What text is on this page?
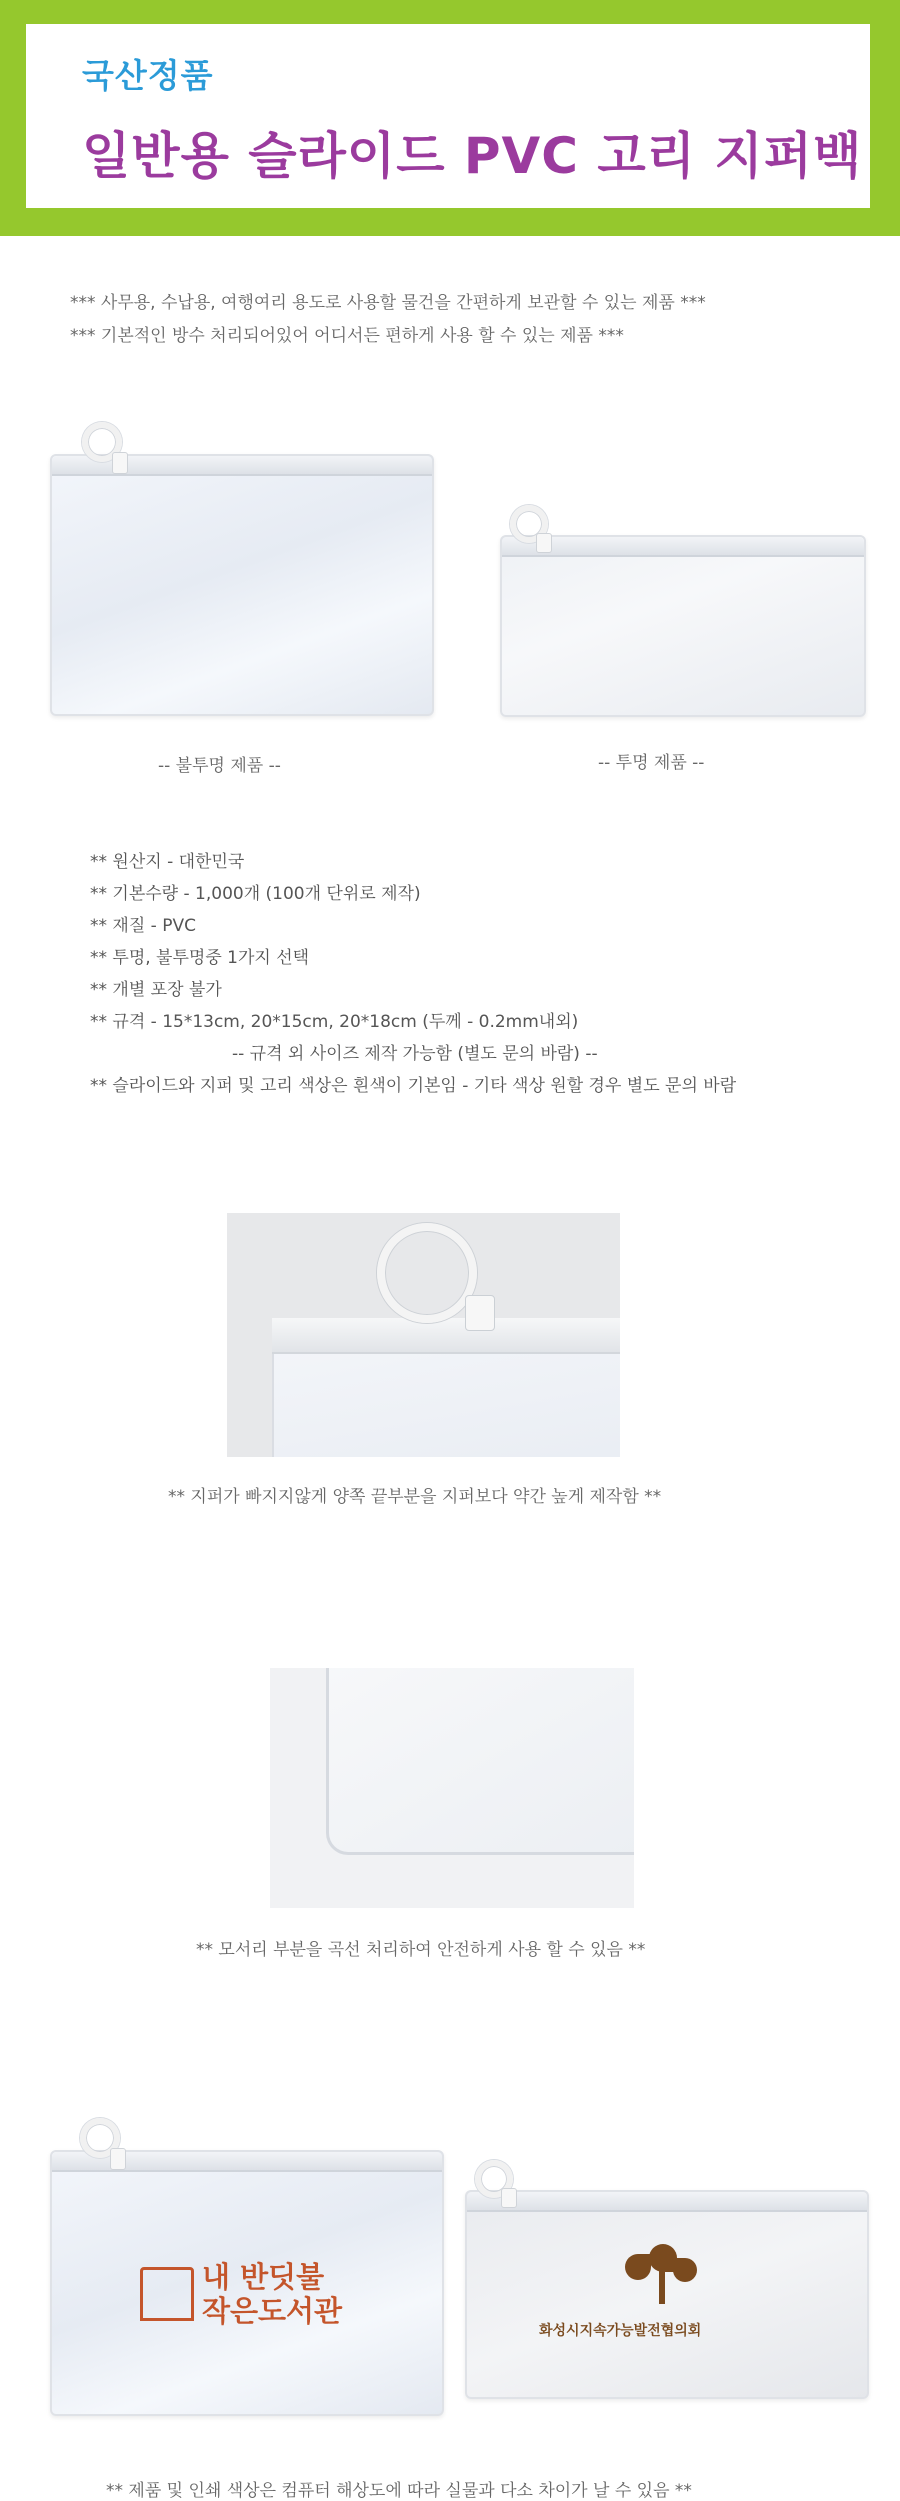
국산정품
일반용 슬라이드 PVC 고리 지퍼백
*** 사무용, 수납용, 여행여리 용도로 사용할 물건을 간편하게 보관할 수 있는 제품 ***
*** 기본적인 방수 처리되어있어 어디서든 편하게 사용 할 수 있는 제품 ***
-- 불투명 제품 --	-- 투명 제품 --
** 원산지 - 대한민국
** 기본수량 - 1,000개 (100개 단위로 제작)
** 재질 - PVC
** 투명, 불투명중 1가지 선택
** 개별 포장 불가
** 규격 - 15*13cm, 20*15cm, 20*18cm (두께 - 0.2mm내외)
-- 규격 외 사이즈 제작 가능함 (별도 문의 바람) --
** 슬라이드와 지퍼 및 고리 색상은 흰색이 기본임 - 기타 색상 원할 경우 별도 문의 바람
** 지퍼가 빠지지않게 양쪽 끝부분을 지퍼보다 약간 높게 제작함 **
** 모서리 부분을 곡선 처리하여 안전하게 사용 할 수 있음 **
내 반딧불
작은도서관
화성시지속가능발전협의회
** 제품 및 인쇄 색상은 컴퓨터 해상도에 따라 실물과 다소 차이가 날 수 있음 **
